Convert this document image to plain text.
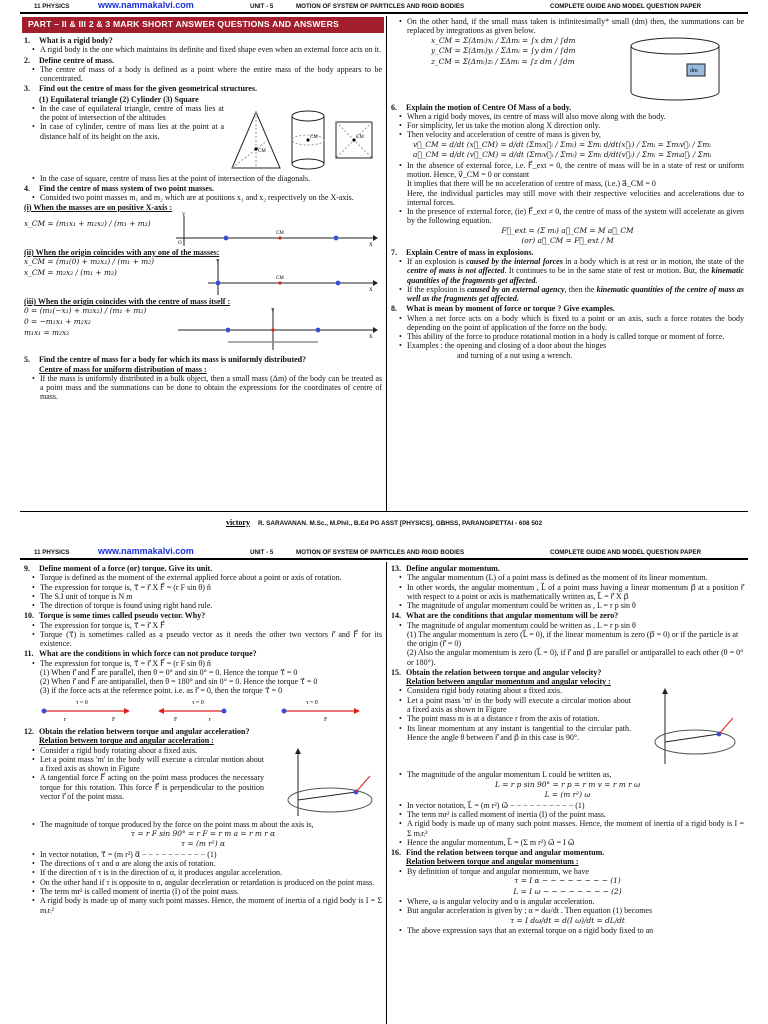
11 PHYSICS	www.nammakalvi.com	UNIT - 5	MOTION OF SYSTEM OF PARTICLES AND RIGID BODIES	COMPLETE GUIDE AND MODEL QUESTION PAPER
PART – II & III 2 & 3 MARK SHORT ANSWER QUESTIONS AND ANSWERS
1.	What is a rigid body?
• A rigid body is the one which maintains its definite and fixed shape even when an external force acts on it.
2.	Define centre of mass.
• The centre of mass of a body is defined as a point where the entire mass of the body appears to be concentrated.
3.	Find out the centre of mass for the given geometrical structures.
(1) Equilateral triangle (2) Cylinder (3) Square
• In the case of equilateral triangle, centre of mass lies at the point of intersection of the altitudes
• In case of cylinder, centre of mass lies at the point at a distance half of its height on the axis.
CM
CM	CM
• In the case of square, centre of mass lies at the point of intersection of the diagonals.
4.	Find the centre of mass system of two point masses.
• Consided two point masses m₁ and m₂ which are at positions x₁ and x₂ respectively on the X-axis.
(i) When the masses are on positive X-axis :
x_CM = (m₁x₁ + m₂x₂) / (m₁ + m₂)
Y
X
O
CM
(ii) When the origin coincides with any one of the masses:
x_CM = (m₁(0) + m₂x₂) / (m₁ + m₂)
x_CM = m₂x₂ / (m₁ + m₂)
Y
X
CM
(iii) When the origin coincides with the centre of mass itself :
0 = (m₁(−x₁) + m₂x₂) / (m₁ + m₂)
0 = −m₁x₁ + m₂x₂
m₁x₁ = m₂x₂
Y
X
5.	Find the centre of mass for a body for which its mass is uniformly distributed?
Centre of mass for uniform distribution of mass :
• If the mass is uniformly distributed in a bulk object, then a small mass (Δm) of the body can be treated as a point mass and the summations can be done to obtain the expressions for the coordinates of centre of mass.
• On the other hand, if the small mass taken is infinitesimally* small (dm) then, the summations can be replaced by integrations as given below.
x_CM = Σ(Δmᵢ)xᵢ / ΣΔmᵢ = ∫x dm / ∫dm
y_CM = Σ(Δmᵢ)yᵢ / ΣΔmᵢ = ∫y dm / ∫dm
z_CM = Σ(Δmᵢ)zᵢ / ΣΔmᵢ = ∫z dm / ∫dm
dm
6.	Explain the motion of Centre Of Mass of a body.
• When a rigid body moves, its centre of mass will also move along with the body.
• For simplicity, let us take the motion along X direction only.
• Then velocity and acceleration of centre of mass is given by,
v⃗_CM = d/dt (x⃗_CM) = d/dt (Σmᵢx⃗ᵢ / Σmᵢ) = Σmᵢ d/dt(x⃗ᵢ) / Σmᵢ = Σmᵢv⃗ᵢ / Σmᵢ
a⃗_CM = d/dt (v⃗_CM) = d/dt (Σmᵢv⃗ᵢ / Σmᵢ) = Σmᵢ d/dt(v⃗ᵢ) / Σmᵢ = Σmᵢa⃗ᵢ / Σmᵢ
• In the absence of external force, i.e. F⃗_ext = 0, the centre of mass will be in a state of rest or uniform motion. Hence, v⃗_CM = 0 or constant
It implies that there will be no acceleration of centre of mass, (i.e.) a⃗_CM = 0
Here, the individual particles may still move with their respective velocities and accelerations due to internal forces.
• In the presence of external force, (ie) F⃗_ext ≠ 0, the centre of mass of the system will accelerate as given by the following equation.
F⃗_ext = (Σ mᵢ) a⃗_CM = M a⃗_CM
(or) a⃗_CM = F⃗_ext / M
7.	Explain Centre of mass in explosions.
• If an explosion is caused by the internal forces in a body which is at rest or in motion, the state of the centre of mass is not affected. It continues to be in the same state of rest or motion. But, the kinematic quantities of the fragments get affected.
• If the explosion is caused by an external agency, then the kinematic quantities of the centre of mass as well as the fragments get affected.
8.	What is mean by moment of force or torque ? Give examples.
• When a net force acts on a body which is fixed to a point or an axis, such a force rotates the body depending on the point of application of the force on the body.
• This ability of the force to produce rotational motion in a body is called torque or moment of force.
• Examples : the opening and closing of a door about the hinges
and turning of a nut using a wrench.
victory R. SARAVANAN. M.Sc., M.Phil., B.Ed PG ASST [PHYSICS], GBHSS, PARANGIPETTAI - 608 502
11 PHYSICS	www.nammakalvi.com	UNIT - 5	MOTION OF SYSTEM OF PARTICLES AND RIGID BODIES	COMPLETE GUIDE AND MODEL QUESTION PAPER
9.	Define moment of a force (or) torque. Give its unit.
• Torque is defined as the moment of the external applied force about a point or axis of rotation.
• The expression for torque is, τ⃗ = r⃗ X F⃗ = (r F sin θ) n̂
• The S.I unit of torque is N m
• The direction of torque is found using right hand rule.
10. Torque is some times called pseudo vector. Why?
• The expression for torque is, τ⃗ = r⃗ X F⃗
• Torque (τ⃗) is sometimes called as a pseudo vector as it needs the other two vectors r⃗ and F⃗ for its existence.
11. What are the conditions in which force can not produce torque?
• The expression for torque is, τ⃗ = r⃗ X F⃗ = (r F sin θ) n̂
(1) When r⃗ and F⃗ are parallel, then θ = 0° and sin 0° = 0. Hence the torque τ⃗ = 0
(2) When r⃗ and F⃗ are antiparallel, then θ = 180° and sin 0° = 0. Hence the torque τ⃗ = 0
(3) if the force acts at the reference point. i.e. as r⃗ = 0, then the torque τ⃗ = 0
τ = 0	τ = 0	τ = 0
r	F	F	r	F
12. Obtain the relation between torque and angular acceleration?
Relation between torque and angular acceleration :
• Consider a rigid body rotating about a fixed axis.
• Let a point mass 'm' in the body will execute a circular motion about a fixed axis as shown in Figure
• A tangential force F⃗ acting on the point mass produces the necessary torque for this rotation. This force F⃗ is perpendicular to the position vector r⃗ of the point mass.
• The magnitude of torque produced by the force on the point mass m about the axis is,
τ = r F sin 90° = r F = r m a = r m r α
τ = (m r²) α
• In vector notation, τ⃗ = (m r²) α⃗ − − − − − − − − − − (1)
• The directions of τ and α are along the axis of rotation.
• If the direction of τ is in the direction of α, it produces angular acceleration.
• On the other hand if τ is opposite to α, angular deceleration or retardation is produced on the point mass.
• The term mr² is called moment of inertia (I) of the point mass.
• A rigid body is made up of many such point masses. Hence, the moment of inertia of a rigid body is I = Σ mᵢrᵢ²
13. Define angular momentum.
• The angular momentum (L) of a point mass is defined as the moment of its linear momentum.
• In other words, the angular momentum , L⃗ of a point mass having a linear momentum p⃗ at a position r⃗ with respect to a point or axis is mathematically written as, L⃗ = r⃗ X p⃗
• The magnitude of angular momentum could be written as , L = r p sin θ
14. What are the conditions that angular momentum will be zero?
• The magnitude of angular momentum could be written as , L = r p sin θ
(1) The angular momentum is zero (L⃗ = 0), if the linear momentum is zero (p⃗ = 0) or if the particle is at the origin (r⃗ = 0)
(2) Also the angular momentum is zero (L⃗ = 0), if r⃗ and p⃗ are parallel or antiparallel to each other (θ = 0° or 180°).
15. Obtain the relation between torque and angular velocity?
Relation between angular momentum and angular velocity :
• Considera rigid body rotating about a fixed axis.
• Let a point mass 'm' in the body will execute a circular motion about a fixed axis as shown in Figure
• The point mass m is at a distance r from the axis of rotation.
• Its linear momentum at any instant is tangential to the circular path. Hence the angle θ between r⃗ and p⃗ in this case is 90°.
• The magnitude of the angular momentum L could be written as,
L = r p sin 90° = r p = r m v = r m r ω
L = (m r²) ω
• In vector notation, L⃗ = (m r²) ω⃗ − − − − − − − − − − (1)
• The term mr² is called moment of inertia (I) of the point mass.
• A rigid body is made up of many such point masses. Hence, the moment of inertia of a rigid body is I = Σ mᵢrᵢ²
• Hence the angular momentum, L⃗ = (Σ m r²) ω⃗ = I ω⃗
16. Find the relation between torque and angular momentum.
Relation between torque and angular momentum :
• By definition of torque and angular momentum, we have
τ = I α − − − − − − − − (1)
L = I ω − − − − − − − − (2)
• Where, ω is angular velocity and α is angular acceleration.
• But angular acceleration is given by ; α = dω/dt . Then equation (1) becomes
τ = I dω/dt = d(I ω)/dt = dL/dt
• The above expression says that an external torque on a rigid body fixed to an
